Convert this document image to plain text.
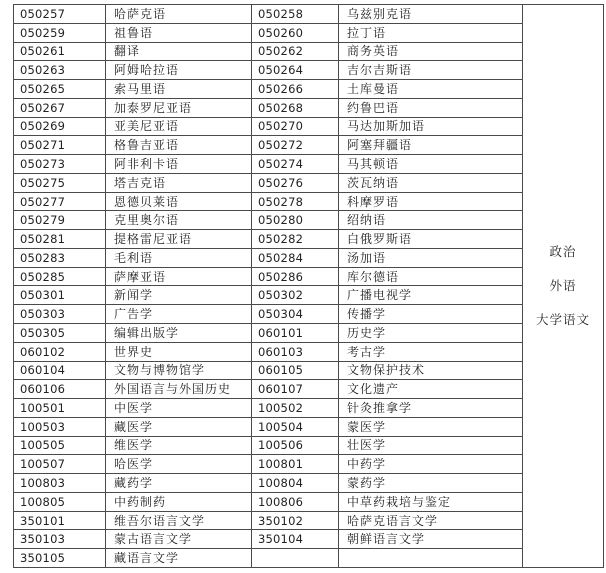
050257	哈萨克语	050258	乌兹别克语	政治
外语
大学语文

050259	祖鲁语	050260	拉丁语	
050261	翻译	050262	商务英语	
050263	阿姆哈拉语	050264	吉尔吉斯语	
050265	索马里语	050266	土库曼语	
050267	加泰罗尼亚语	050268	约鲁巴语	
050269	亚美尼亚语	050270	马达加斯加语	
050271	格鲁吉亚语	050272	阿塞拜疆语	
050273	阿非利卡语	050274	马其顿语	
050275	塔吉克语	050276	茨瓦纳语	
050277	恩德贝莱语	050278	科摩罗语	
050279	克里奥尔语	050280	绍纳语	
050281	提格雷尼亚语	050282	白俄罗斯语	
050283	毛利语	050284	汤加语	
050285	萨摩亚语	050286	库尔德语	
050301	新闻学	050302	广播电视学	
050303	广告学	050304	传播学	
050305	编辑出版学	060101	历史学	
060102	世界史	060103	考古学	
060104	文物与博物馆学	060105	文物保护技术	
060106	外国语言与外国历史	060107	文化遗产	
100501	中医学	100502	针灸推拿学	
100503	藏医学	100504	蒙医学	
100505	维医学	100506	壮医学	
100507	哈医学	100801	中药学	
100803	藏药学	100804	蒙药学	
100805	中药制药	100806	中草药栽培与鉴定	
350101	维吾尔语言文学	350102	哈萨克语言文学	
350103	蒙古语言文学	350104	朝鲜语言文学	
350105	藏语言文学			
